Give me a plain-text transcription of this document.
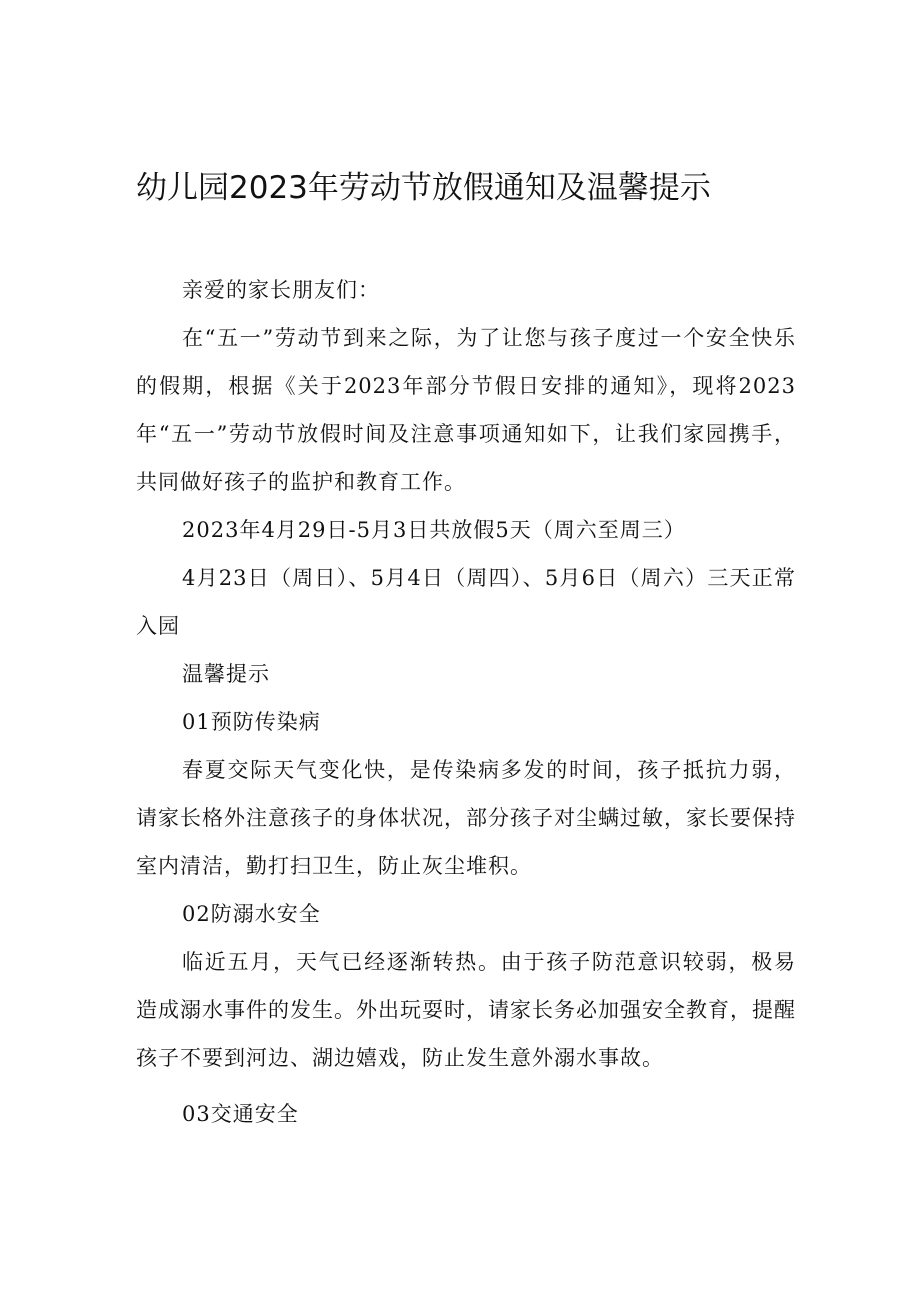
幼儿园2023年劳动节放假通知及温馨提示

亲爱的家长朋友们：

在“五一”劳动节到来之际，为了让您与孩子度过一个安全快乐的假期，根据《关于2023年部分节假日安排的通知》，现将2023年“五一”劳动节放假时间及注意事项通知如下，让我们家园携手，共同做好孩子的监护和教育工作。

2023年4月29日-5月3日共放假5天（周六至周三）

4月23日（周日）、5月4日（周四）、5月6日（周六）三天正常入园

温馨提示

01预防传染病

春夏交际天气变化快，是传染病多发的时间，孩子抵抗力弱，请家长格外注意孩子的身体状况，部分孩子对尘螨过敏，家长要保持室内清洁，勤打扫卫生，防止灰尘堆积。

02防溺水安全

临近五月，天气已经逐渐转热。由于孩子防范意识较弱，极易造成溺水事件的发生。外出玩耍时，请家长务必加强安全教育，提醒孩子不要到河边、湖边嬉戏，防止发生意外溺水事故。

03交通安全
